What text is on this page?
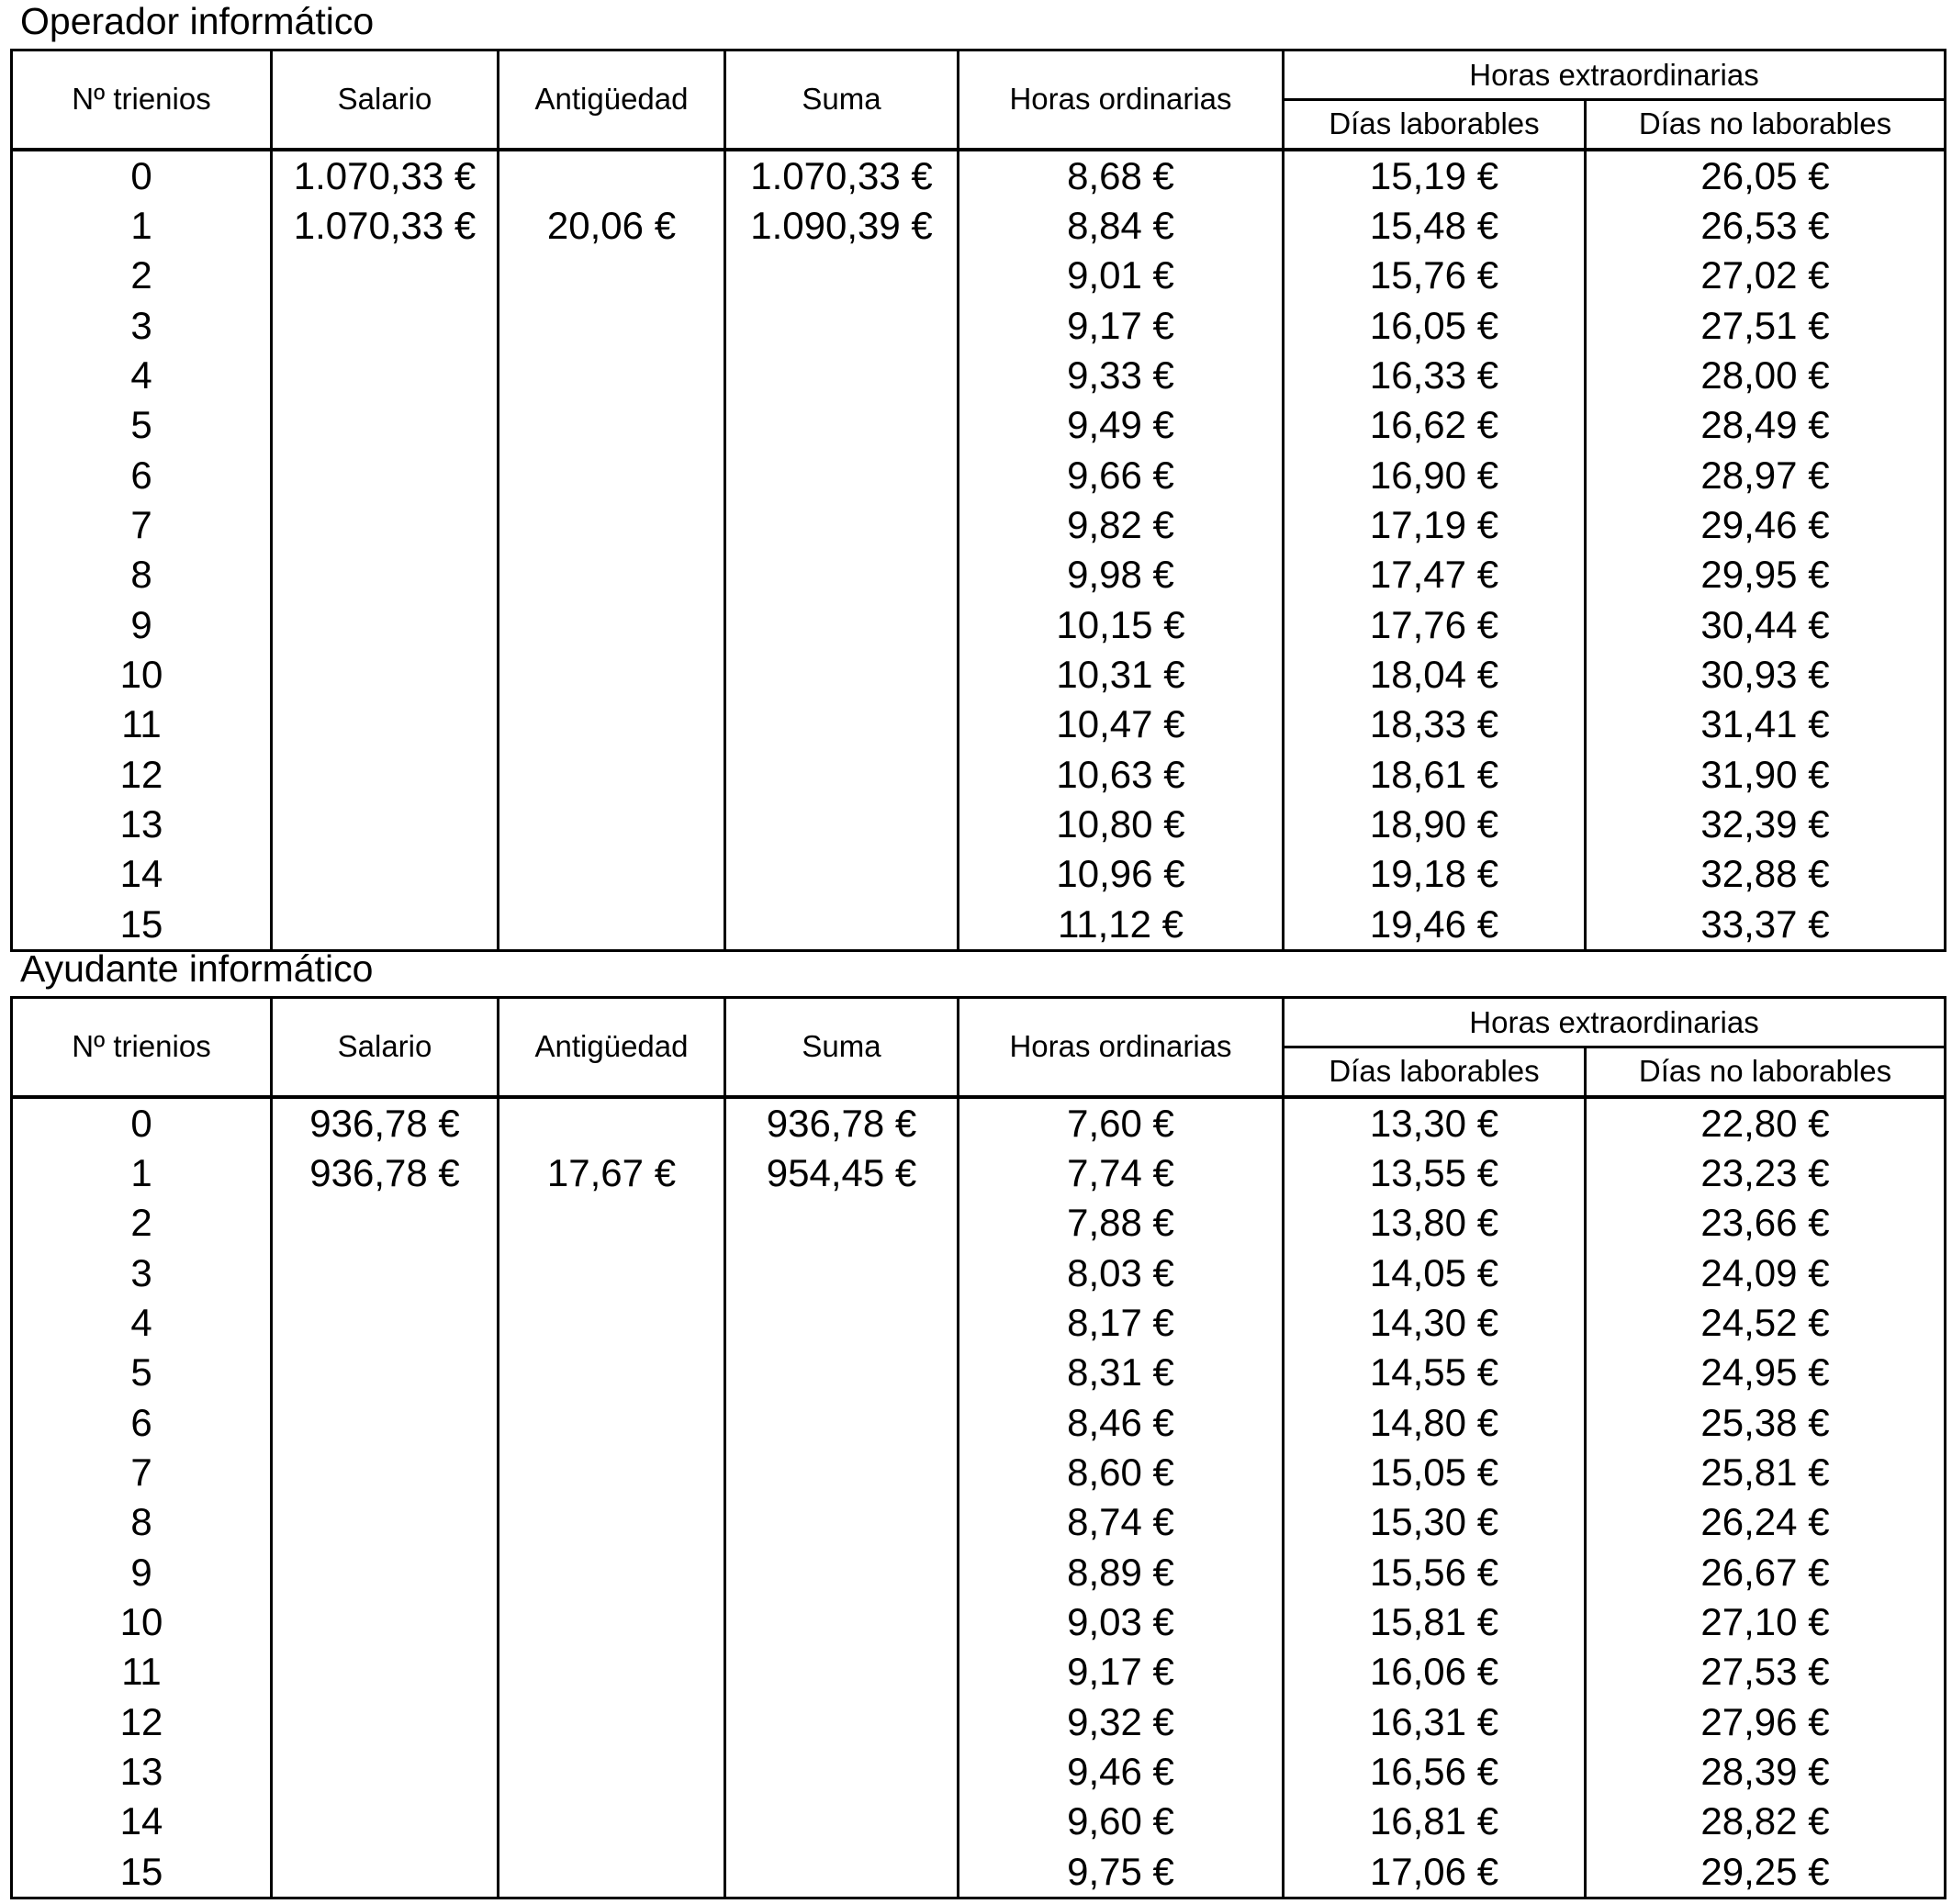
Operador informático
Nº trienios	Salario	Antigüedad	Suma	Horas ordinarias	Horas extraordinarias	
					Días laborables	Días no laborables
0	1.070,33 €		1.070,33 €	8,68 €	15,19 €	26,05 €
1	1.070,33 €	20,06 €	1.090,39 €	8,84 €	15,48 €	26,53 €
2				9,01 €	15,76 €	27,02 €
3				9,17 €	16,05 €	27,51 €
4				9,33 €	16,33 €	28,00 €
5				9,49 €	16,62 €	28,49 €
6				9,66 €	16,90 €	28,97 €
7				9,82 €	17,19 €	29,46 €
8				9,98 €	17,47 €	29,95 €
9				10,15 €	17,76 €	30,44 €
10				10,31 €	18,04 €	30,93 €
11				10,47 €	18,33 €	31,41 €
12				10,63 €	18,61 €	31,90 €
13				10,80 €	18,90 €	32,39 €
14				10,96 €	19,18 €	32,88 €
15				11,12 €	19,46 €	33,37 €
Ayudante informático
Nº trienios	Salario	Antigüedad	Suma	Horas ordinarias	Horas extraordinarias	
					Días laborables	Días no laborables
0	936,78 €		936,78 €	7,60 €	13,30 €	22,80 €
1	936,78 €	17,67 €	954,45 €	7,74 €	13,55 €	23,23 €
2				7,88 €	13,80 €	23,66 €
3				8,03 €	14,05 €	24,09 €
4				8,17 €	14,30 €	24,52 €
5				8,31 €	14,55 €	24,95 €
6				8,46 €	14,80 €	25,38 €
7				8,60 €	15,05 €	25,81 €
8				8,74 €	15,30 €	26,24 €
9				8,89 €	15,56 €	26,67 €
10				9,03 €	15,81 €	27,10 €
11				9,17 €	16,06 €	27,53 €
12				9,32 €	16,31 €	27,96 €
13				9,46 €	16,56 €	28,39 €
14				9,60 €	16,81 €	28,82 €
15				9,75 €	17,06 €	29,25 €
